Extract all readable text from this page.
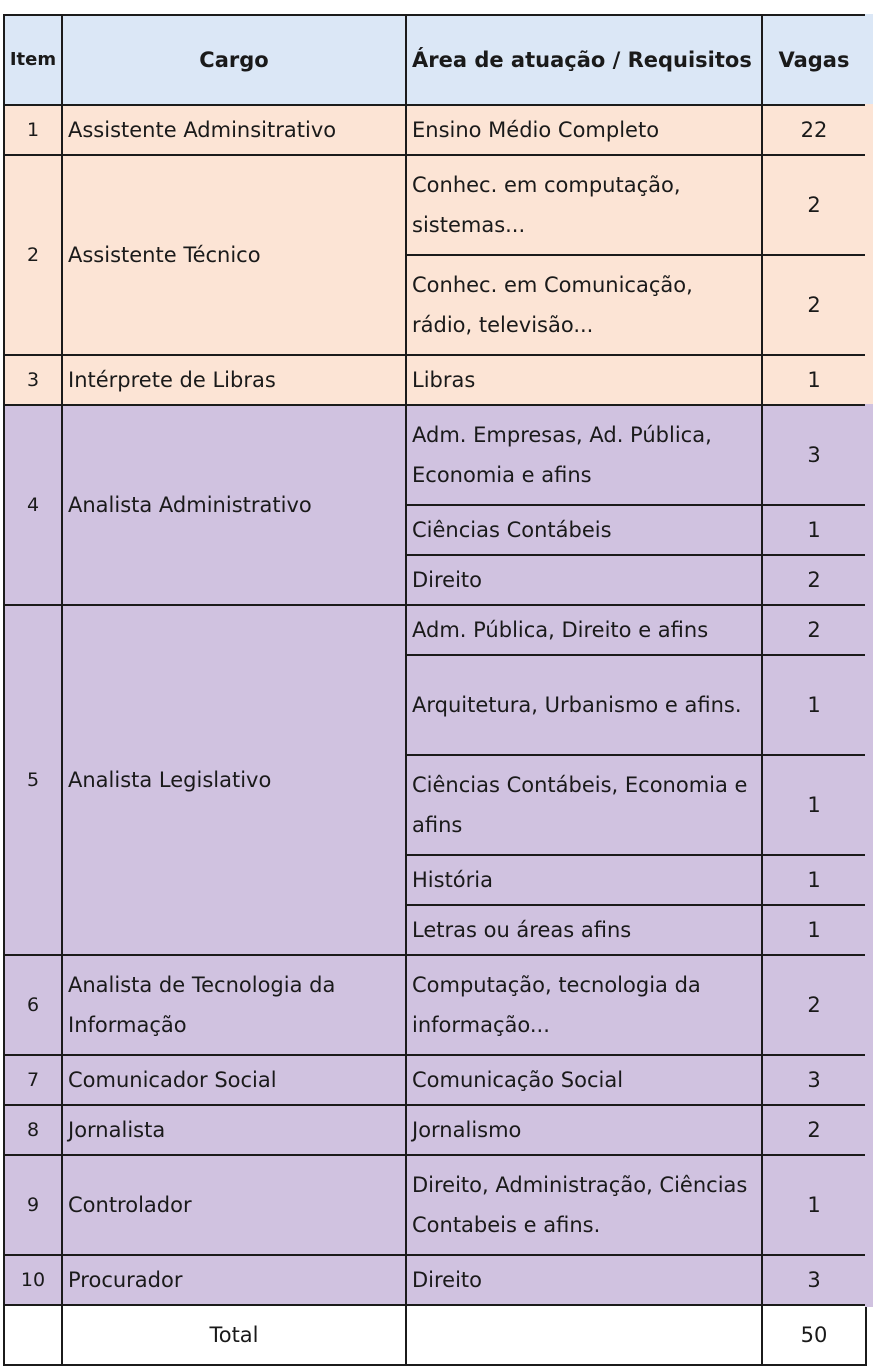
Item	Cargo	Área de atuação / Requisitos	Vagas
1	Assistente Adminsitrativo	Ensino Médio Completo	22
2	Assistente Técnico	Conhec. em computação, sistemas...	2
		Conhec. em Comunicação, rádio, televisão...	2
3	Intérprete de Libras	Libras	1
4	Analista Administrativo	Adm. Empresas, Ad. Pública, Economia e afins	3
		Ciências Contábeis	1
		Direito	2
5	Analista Legislativo	Adm. Pública, Direito e afins	2
		Arquitetura, Urbanismo e afins.	1
		Ciências Contábeis, Economia e afins	1
		História	1
		Letras ou áreas afins	1
6	Analista de Tecnologia da Informação	Computação, tecnologia da informação...	2
7	Comunicador Social	Comunicação Social	3
8	Jornalista	Jornalismo	2
9	Controlador	Direito, Administração, Ciências Contabeis e afins.	1
10	Procurador	Direito	3
	Total		50
